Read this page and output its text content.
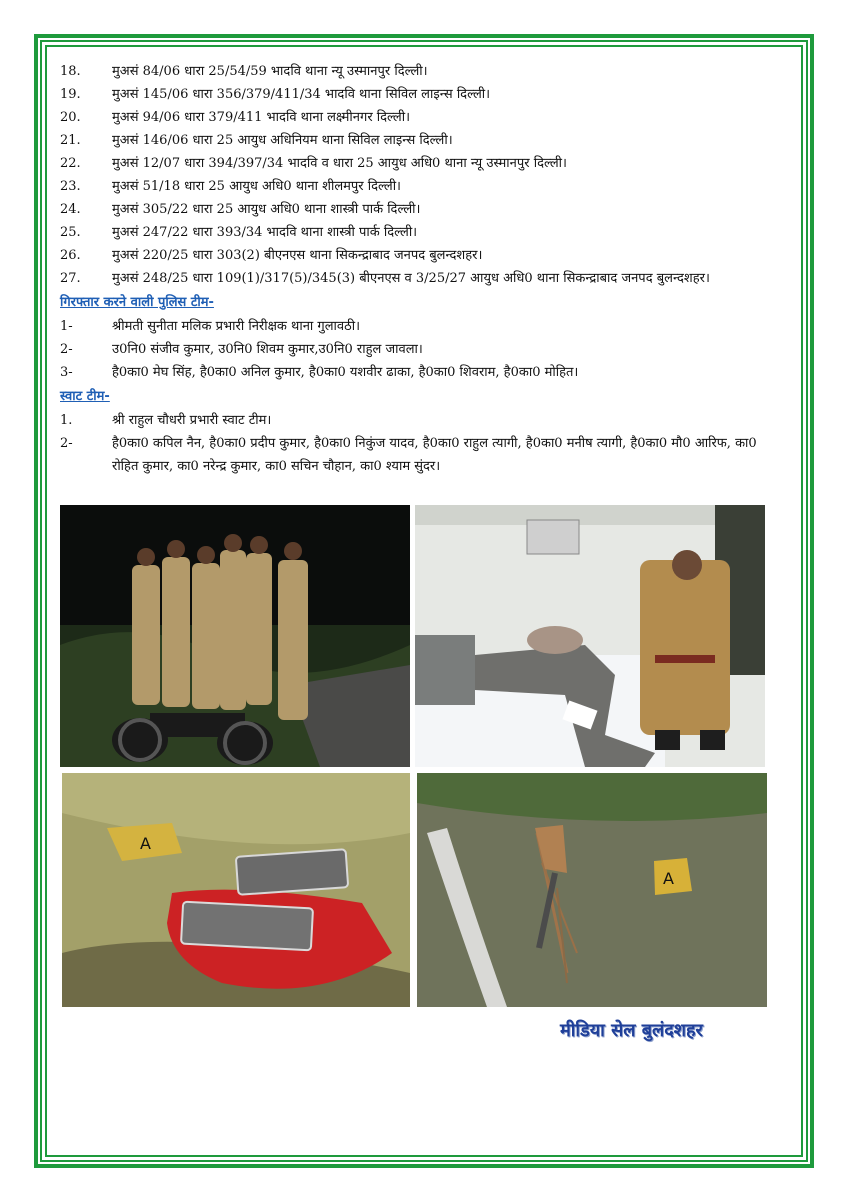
18.	मुअसं 84/06 धारा 25/54/59 भादवि थाना न्यू उस्मानपुर दिल्ली।
19.	मुअसं 145/06 धारा 356/379/411/34 भादवि थाना सिविल लाइन्स दिल्ली।
20.	मुअसं 94/06 धारा 379/411 भादवि थाना लक्ष्मीनगर दिल्ली।
21.	मुअसं 146/06 धारा 25 आयुध अधिनियम थाना सिविल लाइन्स दिल्ली।
22.	मुअसं 12/07 धारा 394/397/34 भादवि व धारा 25 आयुध अधि0 थाना न्यू उस्मानपुर दिल्ली।
23.	मुअसं 51/18 धारा 25 आयुध अधि0 थाना शीलमपुर दिल्ली।
24.	मुअसं 305/22 धारा 25 आयुध अधि0 थाना शास्त्री पार्क दिल्ली।
25.	मुअसं 247/22 धारा 393/34 भादवि थाना शास्त्री पार्क दिल्ली।
26.	मुअसं 220/25 धारा 303(2) बीएनएस थाना सिकन्द्राबाद जनपद बुलन्दशहर।
27.	मुअसं 248/25 धारा 109(1)/317(5)/345(3) बीएनएस व 3/25/27 आयुध अधि0 थाना सिकन्द्राबाद जनपद बुलन्दशहर।
गिरफ्तार करने वाली पुलिस टीम-
1-	श्रीमती सुनीता मलिक प्रभारी निरीक्षक थाना गुलावठी।
2-	उ0नि0 संजीव कुमार, उ0नि0 शिवम कुमार,उ0नि0 राहुल जावला।
3-	है0का0 मेघ सिंह, है0का0 अनिल कुमार, है0का0 यशवीर ढाका, है0का0 शिवराम, है0का0 मोहित।
स्वाट टीम-
1.	श्री राहुल चौधरी प्रभारी स्वाट टीम।
2-	है0का0 कपिल नैन, है0का0 प्रदीप कुमार, है0का0 निकुंज यादव, है0का0 राहुल त्यागी, है0का0 मनीष त्यागी, है0का0 मौ0 आरिफ, का0 रोहित कुमार, का0 नरेन्द्र कुमार, का0 सचिन चौहान, का0 श्याम सुंदर।
A
A
मीडिया सेल बुलंदशहर
